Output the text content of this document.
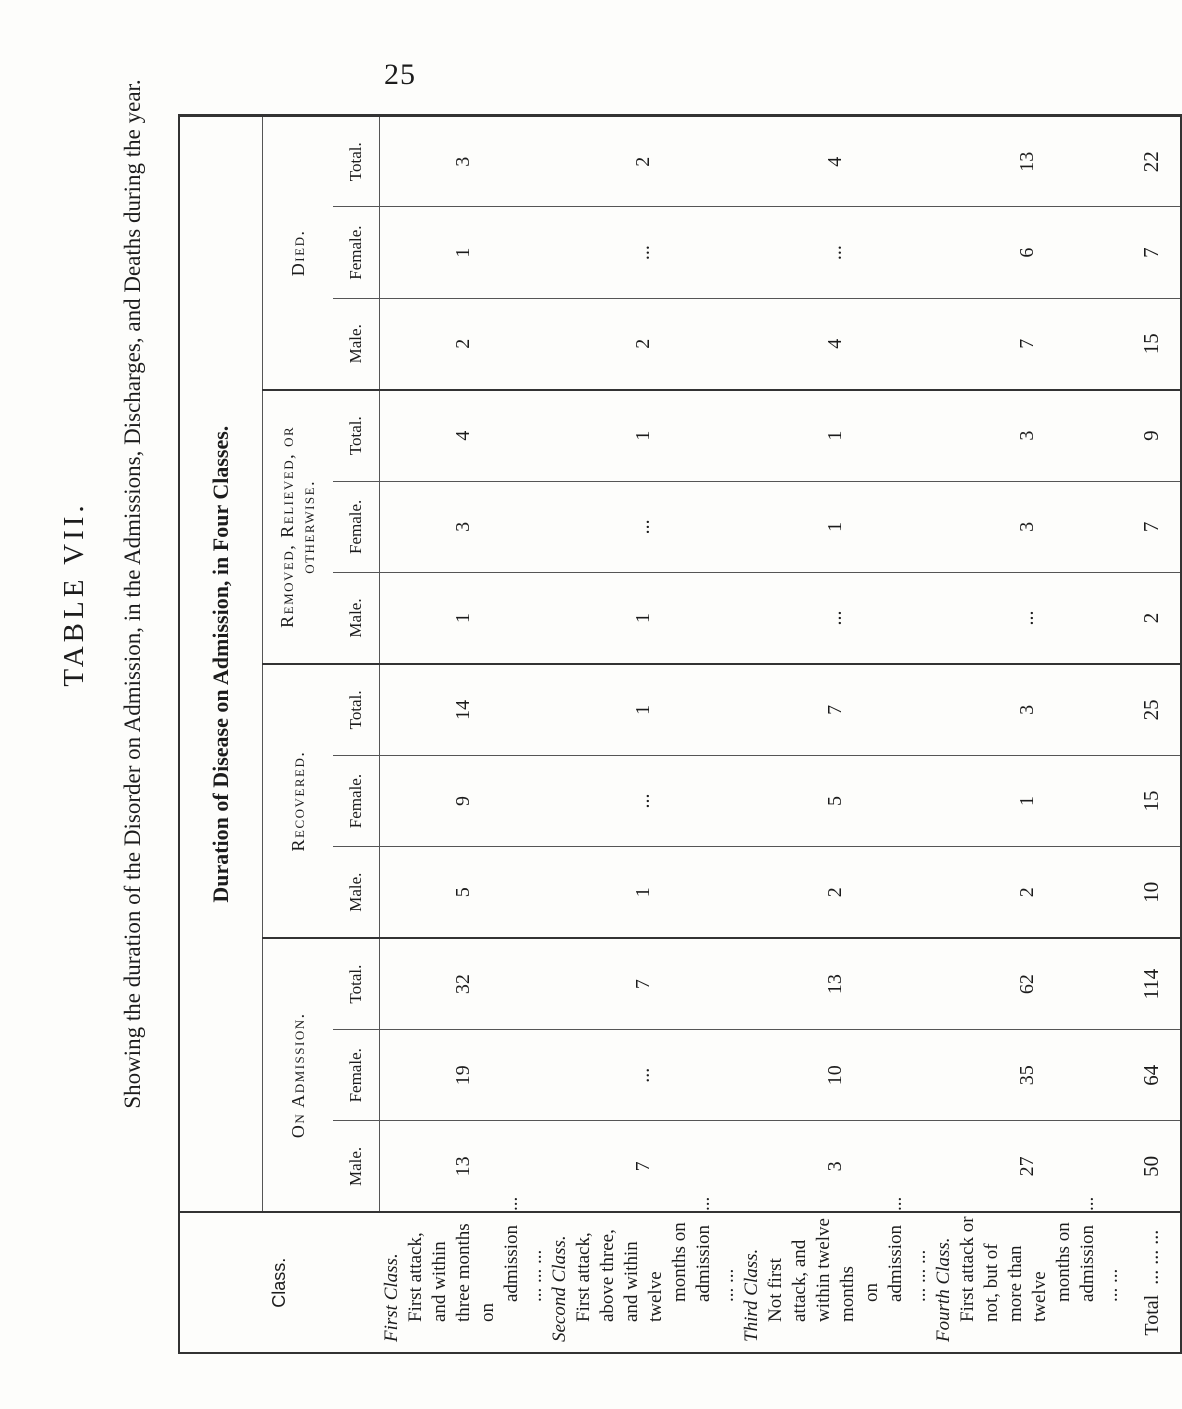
25
TABLE VII. Showing the duration of the Disorder on Admission, in the Admissions, Discharges, and Deaths during the year.
Class.	Duration of Disease on Admission, in Four Classes.											
	On Admission.			Recovered.			Removed, Relieved, or otherwise.			Died.		
	Male.	Female.	Total.	Male.	Female.	Total.	Male.	Female.	Total.	Male.	Female.	Total.

First Class. First attack, and within three months on
admission... ... ... ...	13	19	32	5	9	14	1	3	4	2	1	3

Second Class. First attack, above three, and within twelve months on admission... ... ...	7	...	7	1	...	1	1	...	1	2	...	2

Third Class. Not first attack, and within twelve months on admission... ... ... ...	3	10	13	2	5	7	...	1	1	4	...	4

Fourth Class. First attack or not, but of more than twelve months on admission... ... ...	27	35	62	2	1	3	...	3	3	7	6	13
Total... ... ...	50	64	114	10	15	25	2	7	9	15	7	22
